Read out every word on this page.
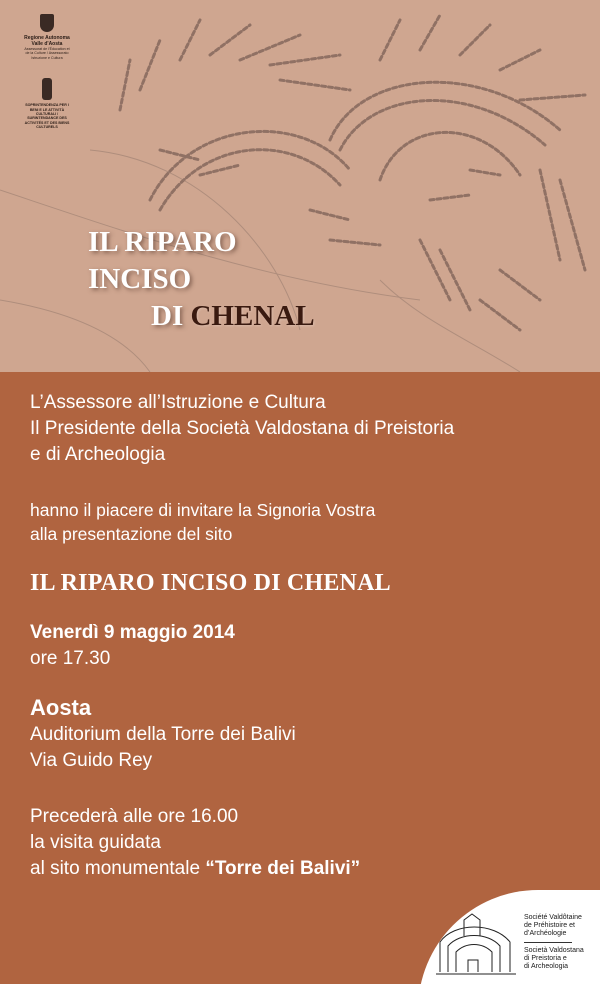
Regione Autonoma Valle d'Aosta
Assessorat de l'Éducation et de la Culture / Assessorato Istruzione e Cultura
SOPRINTENDENZA PER I BENI E LE ATTIVITÀ CULTURALI / SURINTENDANCE DES ACTIVITÉS ET DES BIENS CULTURELS
IL RIPARO
INCISO
DI CHENAL
L’Assessore all’Istruzione e Cultura
Il Presidente della Società Valdostana di Preistoria
e di Archeologia
hanno il piacere di invitare la Signoria Vostra
alla presentazione del sito
IL RIPARO INCISO DI CHENAL
Venerdì 9 maggio 2014
ore 17.30
Aosta
Auditorium della Torre dei Balivi
Via Guido Rey
Precederà alle ore 16.00
la visita guidata
al sito monumentale “Torre dei Balivi”
Société Valdôtaine
de Préhistoire et
d’Archéologie
Società Valdostana
di Preistoria e
di Archeologia
